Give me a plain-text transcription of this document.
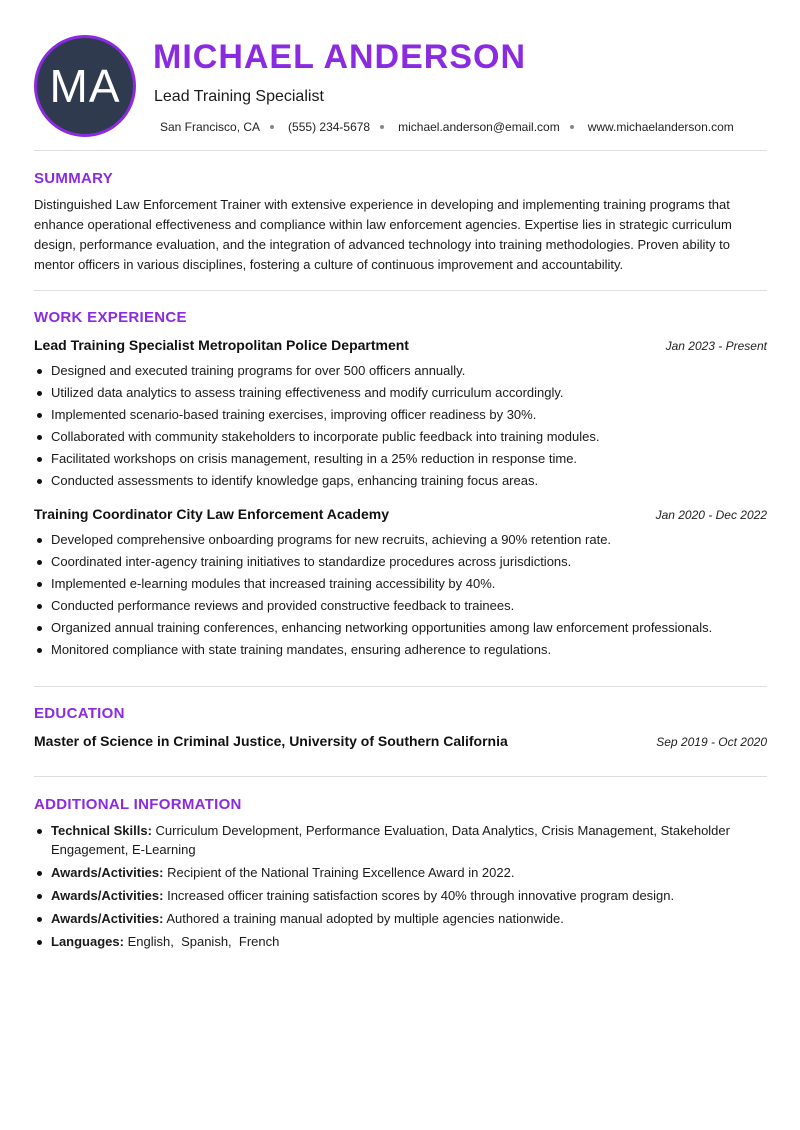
MA
MICHAEL ANDERSON
Lead Training Specialist
San Francisco, CA (555) 234-5678 michael.anderson@email.com www.michaelanderson.com
SUMMARY
Distinguished Law Enforcement Trainer with extensive experience in developing and implementing training programs that enhance operational effectiveness and compliance within law enforcement agencies. Expertise lies in strategic curriculum design, performance evaluation, and the integration of advanced technology into training methodologies. Proven ability to mentor officers in various disciplines, fostering a culture of continuous improvement and accountability.
WORK EXPERIENCE
Lead Training Specialist Metropolitan Police Department	Jan 2023 - Present
Designed and executed training programs for over 500 officers annually.
Utilized data analytics to assess training effectiveness and modify curriculum accordingly.
Implemented scenario-based training exercises, improving officer readiness by 30%.
Collaborated with community stakeholders to incorporate public feedback into training modules.
Facilitated workshops on crisis management, resulting in a 25% reduction in response time.
Conducted assessments to identify knowledge gaps, enhancing training focus areas.
Training Coordinator City Law Enforcement Academy	Jan 2020 - Dec 2022
Developed comprehensive onboarding programs for new recruits, achieving a 90% retention rate.
Coordinated inter-agency training initiatives to standardize procedures across jurisdictions.
Implemented e-learning modules that increased training accessibility by 40%.
Conducted performance reviews and provided constructive feedback to trainees.
Organized annual training conferences, enhancing networking opportunities among law enforcement professionals.
Monitored compliance with state training mandates, ensuring adherence to regulations.
EDUCATION
Master of Science in Criminal Justice, University of Southern California	Sep 2019 - Oct 2020
ADDITIONAL INFORMATION
Technical Skills: Curriculum Development, Performance Evaluation, Data Analytics, Crisis Management, Stakeholder Engagement, E-Learning
Awards/Activities: Recipient of the National Training Excellence Award in 2022.
Awards/Activities: Increased officer training satisfaction scores by 40% through innovative program design.
Awards/Activities: Authored a training manual adopted by multiple agencies nationwide.
Languages: English,  Spanish,  French
